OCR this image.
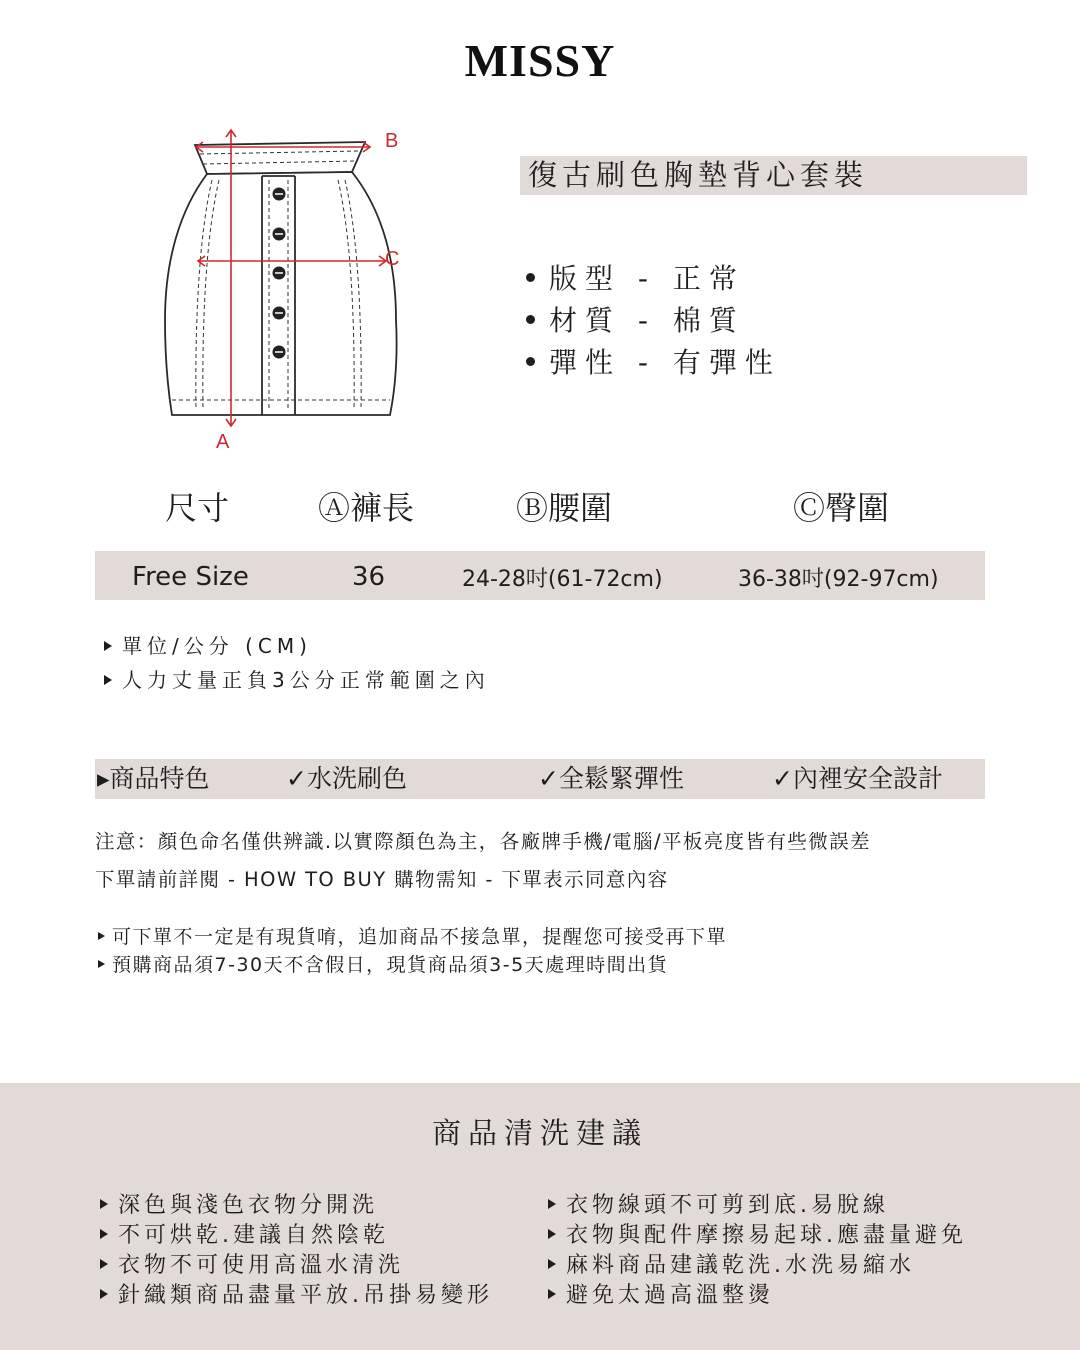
MISSY
A
B
C
復古刷色胸墊背心套裝
版型 - 正常
材質 - 棉質
彈性 - 有彈性
尺寸	Ⓐ褲長	Ⓑ腰圍	Ⓒ臀圍
Free Size	36	24-28吋(61-72cm)	36-38吋(92-97cm)
單位/公分 (CM)
人力丈量正負3公分正常範圍之內
▸商品特色	✓水洗刷色	✓全鬆緊彈性	✓內裡安全設計
注意：顏色命名僅供辨識.以實際顏色為主，各廠牌手機/電腦/平板亮度皆有些微誤差
下單請前詳閱 - HOW TO BUY 購物需知 - 下單表示同意內容
可下單不一定是有現貨唷，追加商品不接急單，提醒您可接受再下單
預購商品須7-30天不含假日，現貨商品須3-5天處理時間出貨
商品清洗建議
深色與淺色衣物分開洗
不可烘乾.建議自然陰乾
衣物不可使用高溫水清洗
針織類商品盡量平放.吊掛易變形
衣物線頭不可剪到底.易脫線
衣物與配件摩擦易起球.應盡量避免
麻料商品建議乾洗.水洗易縮水
避免太過高溫整燙
